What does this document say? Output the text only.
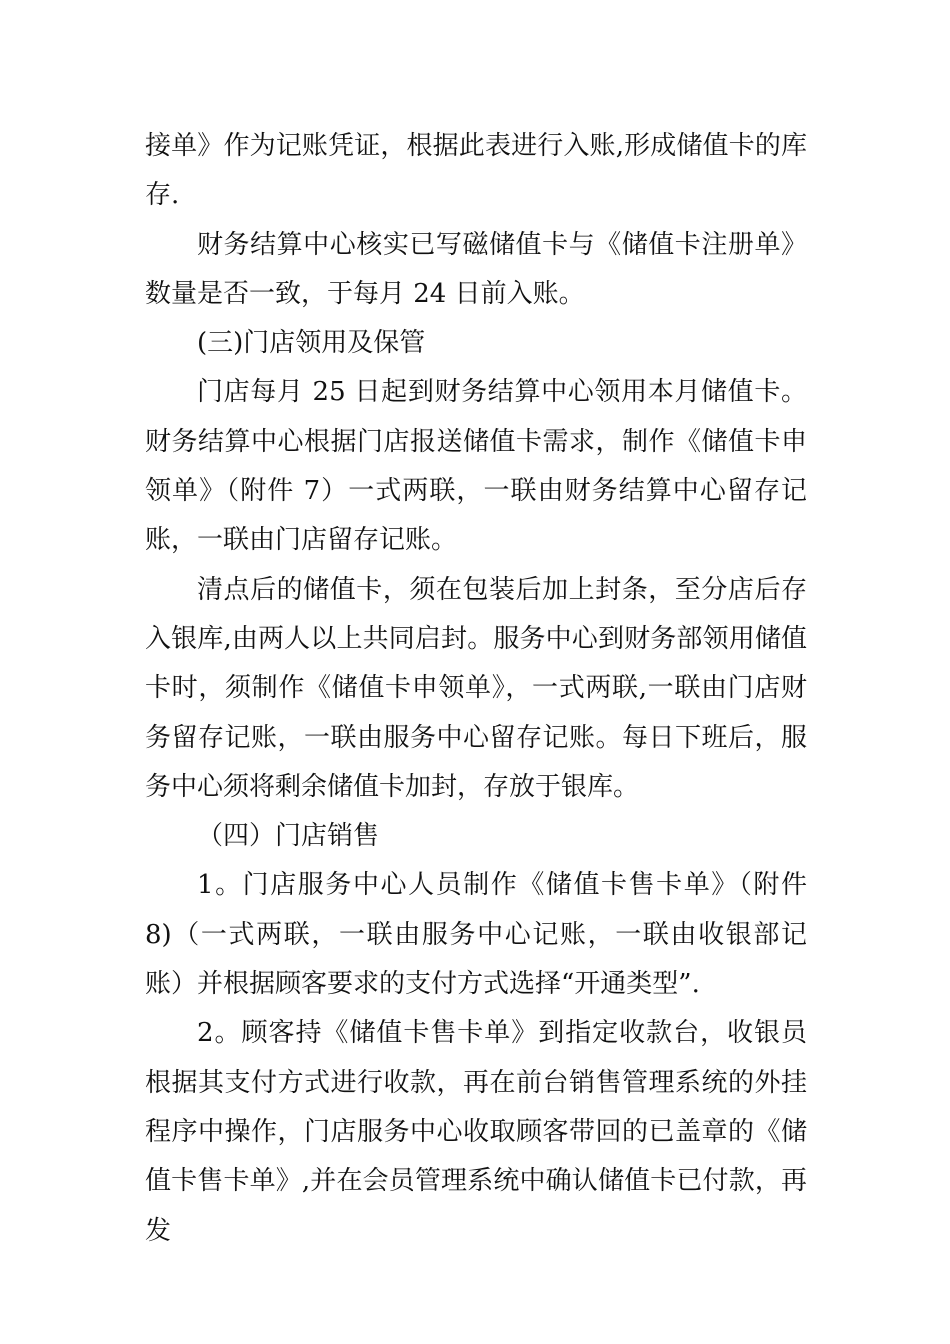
接单》作为记账凭证，根据此表进行入账,形成储值卡的库存.

财务结算中心核实已写磁储值卡与《储值卡注册单》数量是否一致，于每月 24 日前入账。

(三)门店领用及保管

门店每月 25 日起到财务结算中心领用本月储值卡。财务结算中心根据门店报送储值卡需求，制作《储值卡申领单》（附件 7）一式两联，一联由财务结算中心留存记账，一联由门店留存记账。

清点后的储值卡，须在包装后加上封条，至分店后存入银库,由两人以上共同启封。服务中心到财务部领用储值卡时，须制作《储值卡申领单》，一式两联,一联由门店财务留存记账，一联由服务中心留存记账。每日下班后，服务中心须将剩余储值卡加封，存放于银库。

（四）门店销售

1。门店服务中心人员制作《储值卡售卡单》（附件 8)（一式两联，一联由服务中心记账，一联由收银部记账）并根据顾客要求的支付方式选择“开通类型”.

2。顾客持《储值卡售卡单》到指定收款台，收银员根据其支付方式进行收款，再在前台销售管理系统的外挂程序中操作，门店服务中心收取顾客带回的已盖章的《储值卡售卡单》,并在会员管理系统中确认储值卡已付款，再发
